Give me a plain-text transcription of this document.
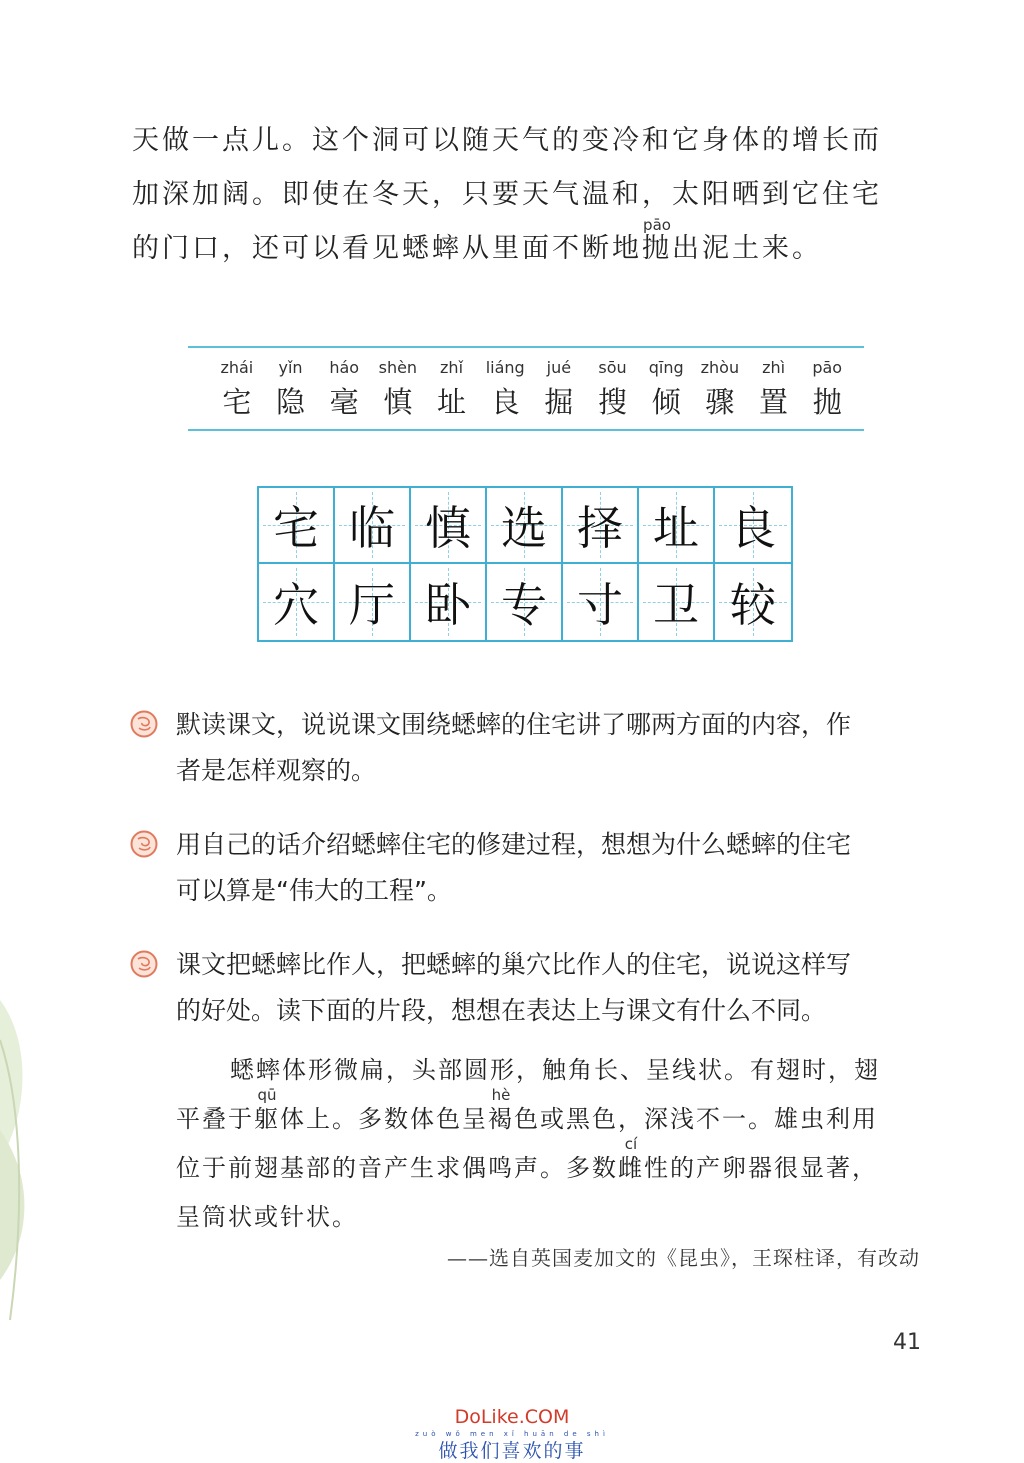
天做一点儿。这个洞可以随天气的变冷和它身体的增长而
加深加阔。即使在冬天，只要天气温和，太阳晒到它住宅
的门口，还可以看见蟋蟀从里面不断地
pāo
抛出泥土来。
zhái
宅
yǐn
隐
háo
毫
shèn
慎
zhǐ
址
liáng
良
jué
掘
sōu
搜
qīng
倾
zhòu
骤
zhì
置
pāo
抛
宅 临 慎 选 择 址 良
穴 厅 卧 专 寸 卫 较
默读课文，说说课文围绕蟋蟀的住宅讲了哪两方面的内容，作
者是怎样观察的。
用自己的话介绍蟋蟀住宅的修建过程，想想为什么蟋蟀的住宅
可以算是“伟大的工程”。
课文把蟋蟀比作人，把蟋蟀的巢穴比作人的住宅，说说这样写
的好处。读下面的片段，想想在表达上与课文有什么不同。
蟋蟀体形微扁，头部圆形，触角长、呈线状。有翅时，翅
平叠于
qū
躯体上。多数体色呈
hè
褐色或黑色，深浅不一。雄虫利用
位于前翅基部的音产生求偶鸣声。多数
cí
雌性的产卵器很显著，
呈筒状或针状。
——选自英国麦加文的《昆虫》，王琛柱译，有改动
41
DoLike.COM
zuò wǒ men xǐ huān de shì
做我们喜欢的事
